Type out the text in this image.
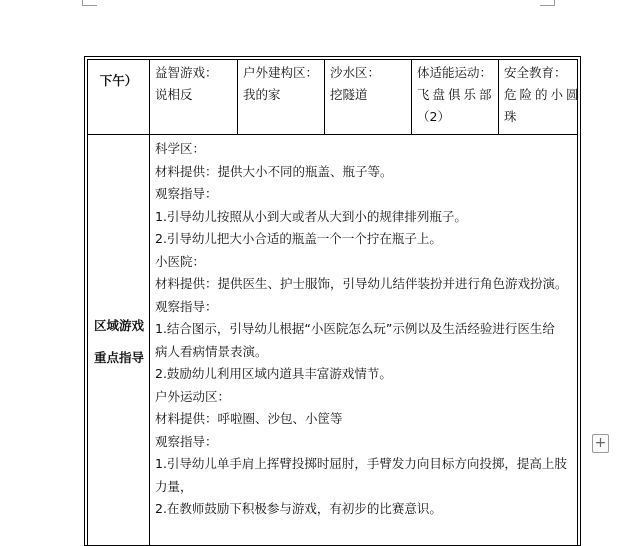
下午）
益智游戏：
说相反
户外建构区：
我的家
沙水区：
挖隧道
体适能运动：
飞盘俱乐部
（2）
安全教育：
危险的小圆
珠
区域游戏
重点指导
科学区：
材料提供：提供大小不同的瓶盖、瓶子等。
观察指导：
1.引导幼儿按照从小到大或者从大到小的规律排列瓶子。
2.引导幼儿把大小合适的瓶盖一个一个拧在瓶子上。
小医院：
材料提供：提供医生、护士服饰，引导幼儿结伴装扮并进行角色游戏扮演。
观察指导：
1.结合图示，引导幼儿根据“小医院怎么玩”示例以及生活经验进行医生给
病人看病情景表演。
2.鼓励幼儿利用区域内道具丰富游戏情节。
户外运动区：
材料提供：呼啦圈、沙包、小筐等
观察指导：
1.引导幼儿单手肩上挥臂投掷时屈肘，手臂发力向目标方向投掷，提高上肢
力量，
2.在教师鼓励下积极参与游戏，有初步的比赛意识。
+
